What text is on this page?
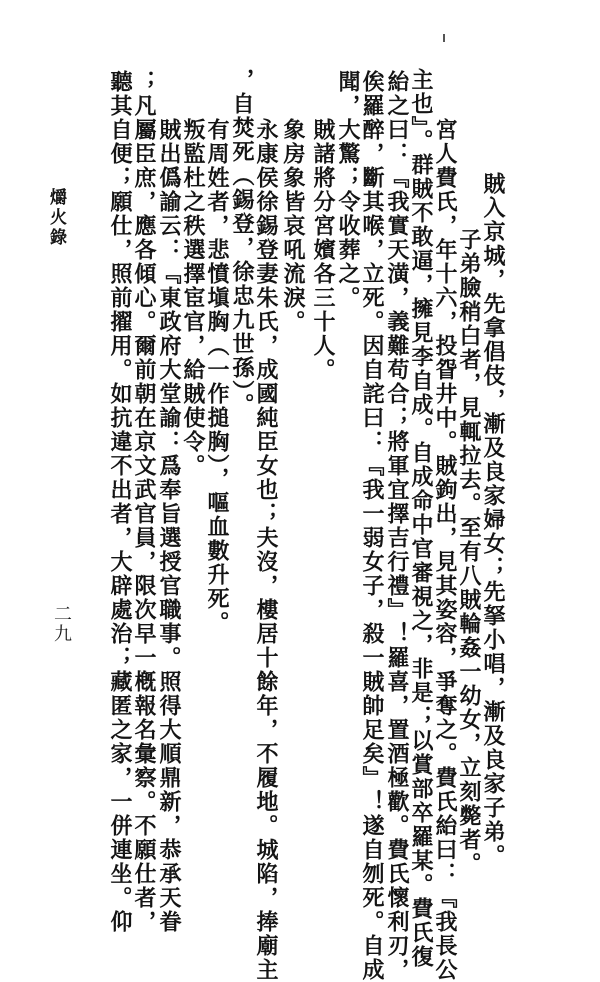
賊入京城，先拿倡伎，漸及良家婦女；先拏小唱，漸及良家子弟。
子弟臉稍白者，見輒拉去。至有八賊輪姦一幼女，立刻斃者。
宮人費氏，年十六，投眢井中。賊鉤出，見其姿容，爭奪之。費氏紿曰：『我長公
主也』。群賊不敢逼，擁見李自成。自成命中官審視之，非是；以賞部卒羅某。費氏復
紿之曰：『我實天潢，義難苟合；將軍宜擇吉行禮』！羅喜，置酒極歡。費氏懷利刃，
俟羅醉，斷其喉，立死。因自詫曰：『我一弱女子，殺一賊帥足矣』！遂自刎死。自成
聞，大驚；令收葬之。
賊諸將分宮嬪各三十人。
象房象皆哀吼流淚。
永康侯徐錫登妻朱氏，成國純臣女也；夫沒，樓居十餘年，不履地。城陷，捧廟主
，自焚死（錫登，徐忠九世孫）。
有周姓者，悲憤塡胸（一作搥胸），嘔血數升死。
叛監杜之秩選擇宦官，給賊使令。
賊出僞諭云：『東政府大堂諭：爲奉旨選授官職事。照得大順鼎新，恭承天眷
；凡屬臣庶，應各傾心。爾前朝在京文武官員，限次早一槪報名彙察。不願仕者，
聽其自便；願仕，照前擢用。如抗違不出者，大辟處治；藏匿之家，一併連坐。仰
爝火錄
二九
